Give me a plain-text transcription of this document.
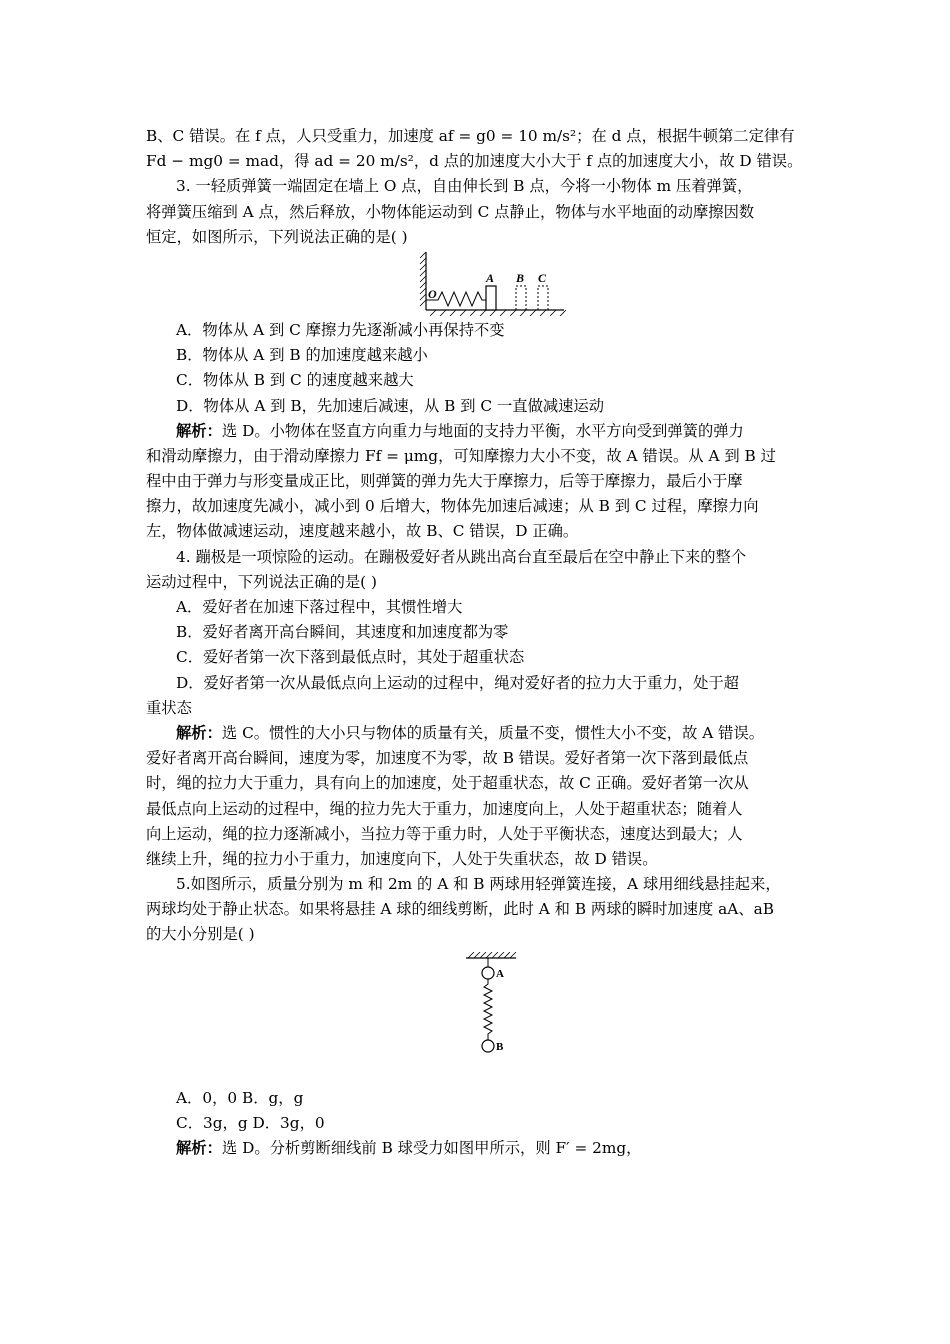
B、C 错误。在 f 点，人只受重力，加速度 af = g0 = 10 m/s²；在 d 点，根据牛顿第二定律有
Fd − mg0 = mad，得 ad = 20 m/s²，d 点的加速度大小大于 f 点的加速度大小，故 D 错误。
3. 一轻质弹簧一端固定在墙上 O 点，自由伸长到 B 点，今将一小物体 m 压着弹簧，
将弹簧压缩到 A 点，然后释放，小物体能运动到 C 点静止，物体与水平地面的动摩擦因数
恒定，如图所示，下列说法正确的是( )
O
A B C
A．物体从 A 到 C 摩擦力先逐渐减小再保持不变
B．物体从 A 到 B 的加速度越来越小
C．物体从 B 到 C 的速度越来越大
D．物体从 A 到 B，先加速后减速，从 B 到 C 一直做减速运动
解析：选 D。小物体在竖直方向重力与地面的支持力平衡，水平方向受到弹簧的弹力
和滑动摩擦力，由于滑动摩擦力 Ff = μmg，可知摩擦力大小不变，故 A 错误。从 A 到 B 过
程中由于弹力与形变量成正比，则弹簧的弹力先大于摩擦力，后等于摩擦力，最后小于摩
擦力，故加速度先减小，减小到 0 后增大，物体先加速后减速；从 B 到 C 过程，摩擦力向
左，物体做减速运动，速度越来越小，故 B、C 错误，D 正确。
4. 蹦极是一项惊险的运动。在蹦极爱好者从跳出高台直至最后在空中静止下来的整个
运动过程中，下列说法正确的是( )
A．爱好者在加速下落过程中，其惯性增大
B．爱好者离开高台瞬间，其速度和加速度都为零
C．爱好者第一次下落到最低点时，其处于超重状态
D．爱好者第一次从最低点向上运动的过程中，绳对爱好者的拉力大于重力，处于超
重状态
解析：选 C。惯性的大小只与物体的质量有关，质量不变，惯性大小不变，故 A 错误。
爱好者离开高台瞬间，速度为零，加速度不为零，故 B 错误。爱好者第一次下落到最低点
时，绳的拉力大于重力，具有向上的加速度，处于超重状态，故 C 正确。爱好者第一次从
最低点向上运动的过程中，绳的拉力先大于重力，加速度向上，人处于超重状态；随着人
向上运动，绳的拉力逐渐减小，当拉力等于重力时，人处于平衡状态，速度达到最大；人
继续上升，绳的拉力小于重力，加速度向下，人处于失重状态，故 D 错误。
5.如图所示，质量分别为 m 和 2m 的 A 和 B 两球用轻弹簧连接，A 球用细线悬挂起来，
两球均处于静止状态。如果将悬挂 A 球的细线剪断，此时 A 和 B 两球的瞬时加速度 aA、aB
的大小分别是( )
A
B
A．0，0 B．g，g
C．3g，g D．3g，0
解析：选 D。分析剪断细线前 B 球受力如图甲所示，则 F′ = 2mg，
